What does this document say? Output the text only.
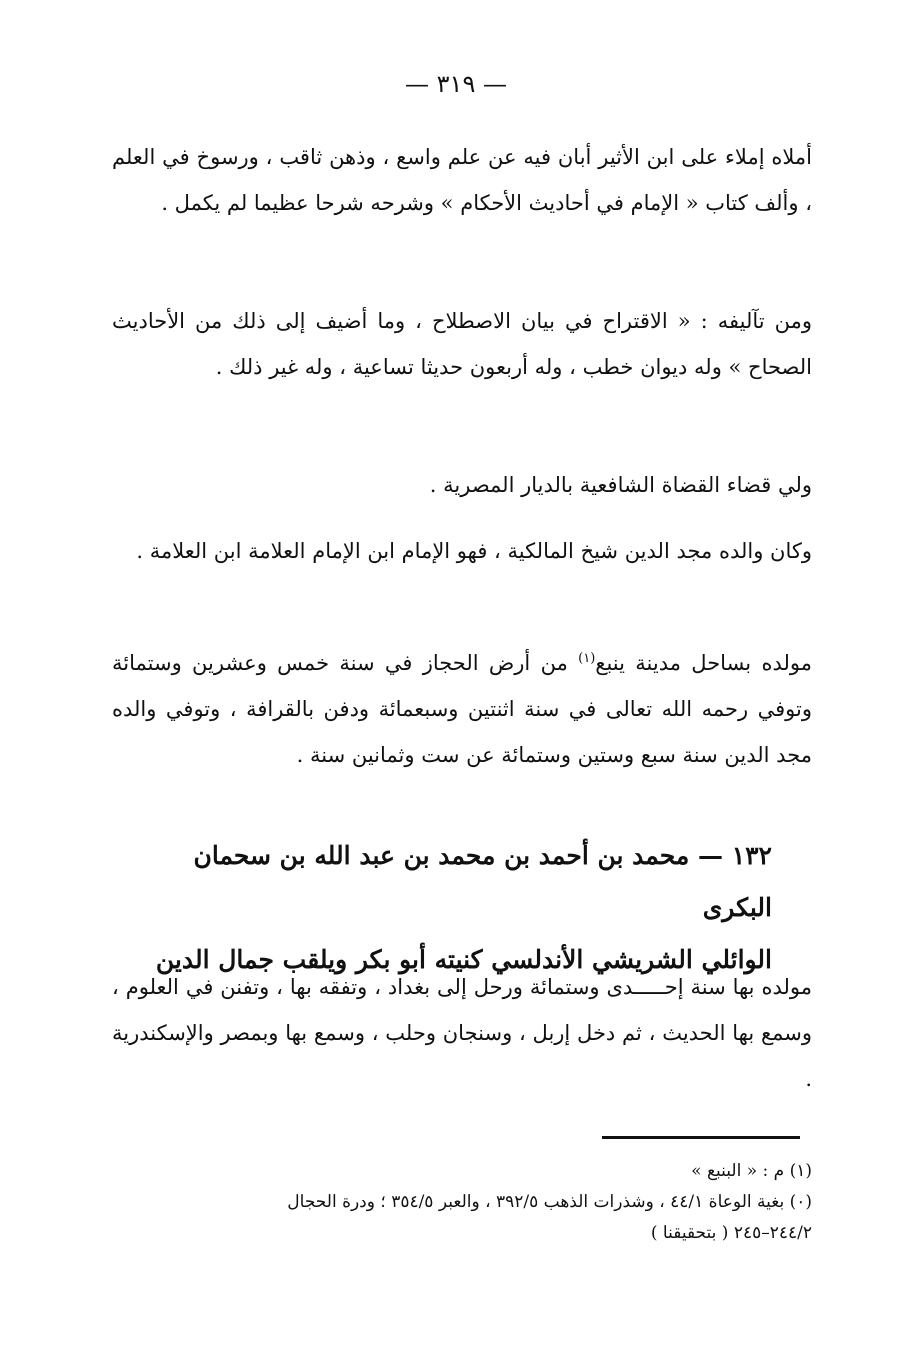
— ٣١٩ —

أملاه إملاء على ابن الأثير أبان فيه عن علم واسع ، وذهن ثاقب ، ورسوخ في العلم ، وألف كتاب « الإمام في أحاديث الأحكام » وشرحه شرحا عظيما لم يكمل .

ومن تآليفه : « الاقتراح في بيان الاصطلاح ، وما أضيف إلى ذلك من الأحاديث الصحاح » وله ديوان خطب ، وله أربعون حديثا تساعية ، وله غير ذلك .

ولي قضاء القضاة الشافعية بالديار المصرية .

وكان والده مجد الدين شيخ المالكية ، فهو الإمام ابن الإمام العلامة ابن العلامة .

مولده بساحل مدينة ينبع$^{(١)}$ من أرض الحجاز في سنة خمس وعشرين وستمائة وتوفي رحمه الله تعالى في سنة اثنتين وسبعمائة ودفن بالقرافة ، وتوفي والده مجد الدين سنة سبع وستين وستمائة عن ست وثمانين سنة .

١٣٢ — محمد بن أحمد بن محمد بن عبد الله بن سحمان البكرى
الوائلي الشريشي الأندلسي كنيته أبو بكر ويلقب جمال الدين

مولده بها سنة إحـــــدى وستمائة ورحل إلى بغداد ، وتفقه بها ، وتفنن في العلوم ، وسمع بها الحديث ، ثم دخل إربل ، وسنجان وحلب ، وسمع بها وبمصر والإسكندرية .

(١) م : « البنبع »
(٠) بغية الوعاة ٤٤/١ ، وشذرات الذهب ٣٩٢/٥ ، والعبر ٣٥٤/٥ ؛ ودرة الحجال
٢٤٤/٢–٢٤٥ ( بتحقيقنا )
